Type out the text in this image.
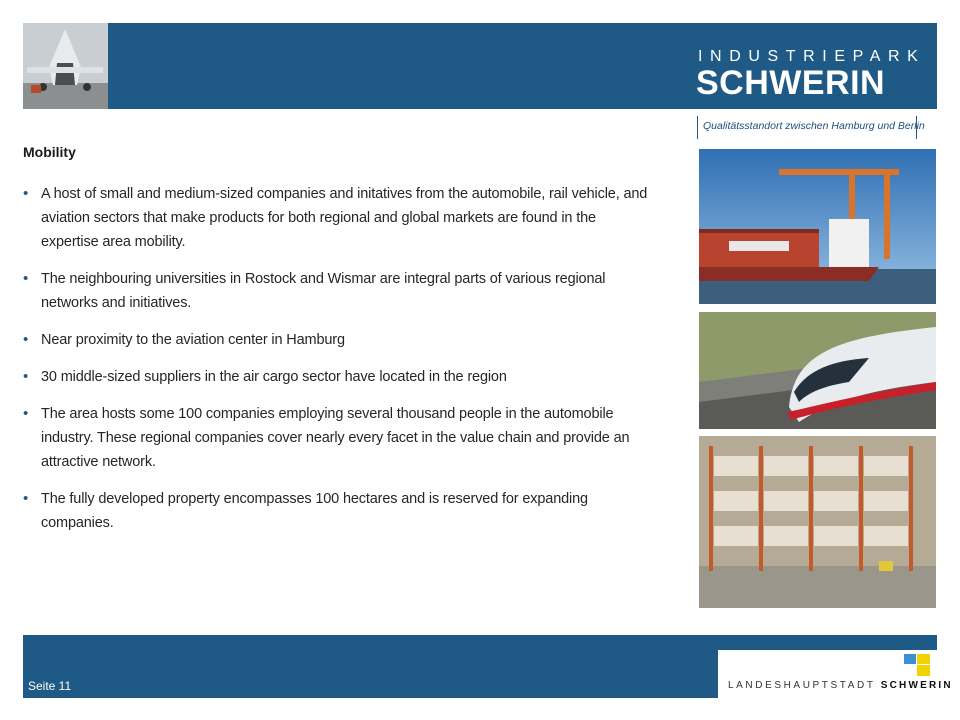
INDUSTRIEPARK
SCHWERIN
Qualitätsstandort zwischen Hamburg und Berlin
Mobility
• A host of small and medium-sized companies and initatives from the automobile, rail vehicle, and aviation sectors that make products for both regional and global markets are found in the expertise area mobility.
• The neighbouring universities in Rostock and Wismar are integral parts of various regional networks and initiatives.
• Near proximity to the aviation center in Hamburg
• 30 middle-sized suppliers in the air cargo sector have located in the region
• The area hosts some 100 companies employing several thousand people in the automobile industry. These regional companies cover nearly every facet in the value chain and provide an attractive network.
• The fully developed property encompasses 100 hectares and is reserved for expanding companies.
Seite 11	LANDESHAUPTSTADT SCHWERIN
